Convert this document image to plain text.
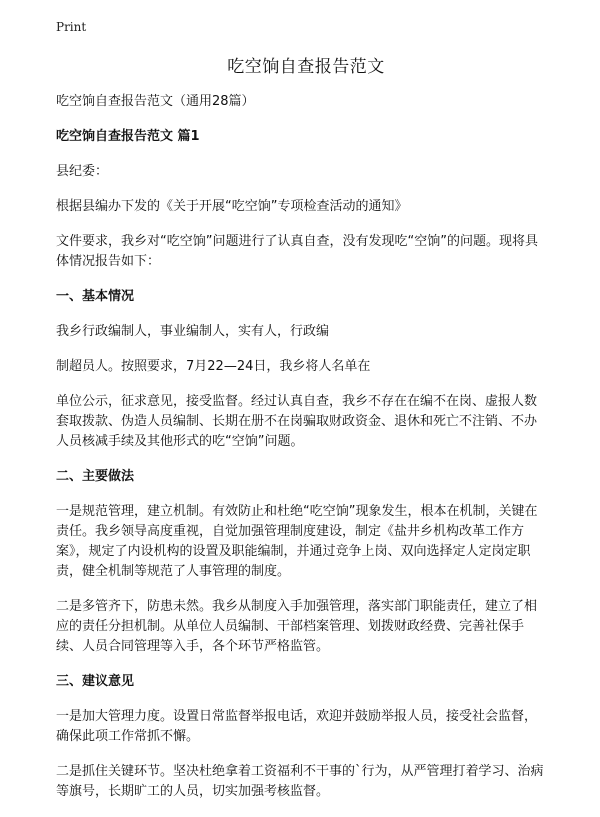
Print
吃空饷自查报告范文

吃空饷自查报告范文（通用28篇）

吃空饷自查报告范文 篇1

县纪委：

根据县编办下发的《关于开展“吃空饷”专项检查活动的通知》

文件要求，我乡对“吃空饷”问题进行了认真自查，没有发现吃“空饷”的问题。现将具体情况报告如下：

一、基本情况

我乡行政编制人，事业编制人，实有人，行政编

制超员人。按照要求，7月22—24日，我乡将人名单在

单位公示，征求意见，接受监督。经过认真自查，我乡不存在在编不在岗、虚报人数套取拨款、伪造人员编制、长期在册不在岗骗取财政资金、退休和死亡不注销、不办人员核减手续及其他形式的吃“空饷”问题。

二、主要做法

一是规范管理，建立机制。有效防止和杜绝“吃空饷”现象发生，根本在机制，关键在责任。我乡领导高度重视，自觉加强管理制度建设，制定《盐井乡机构改革工作方案》，规定了内设机构的设置及职能编制，并通过竞争上岗、双向选择定人定岗定职责，健全机制等规范了人事管理的制度。

二是多管齐下，防患未然。我乡从制度入手加强管理，落实部门职能责任，建立了相应的责任分担机制。从单位人员编制、干部档案管理、划拨财政经费、完善社保手续、人员合同管理等入手，各个环节严格监管。

三、建议意见

一是加大管理力度。设置日常监督举报电话，欢迎并鼓励举报人员，接受社会监督，确保此项工作常抓不懈。

二是抓住关键环节。坚决杜绝拿着工资福利不干事的`行为，从严管理打着学习、治病等旗号，长期旷工的人员，切实加强考核监督。
